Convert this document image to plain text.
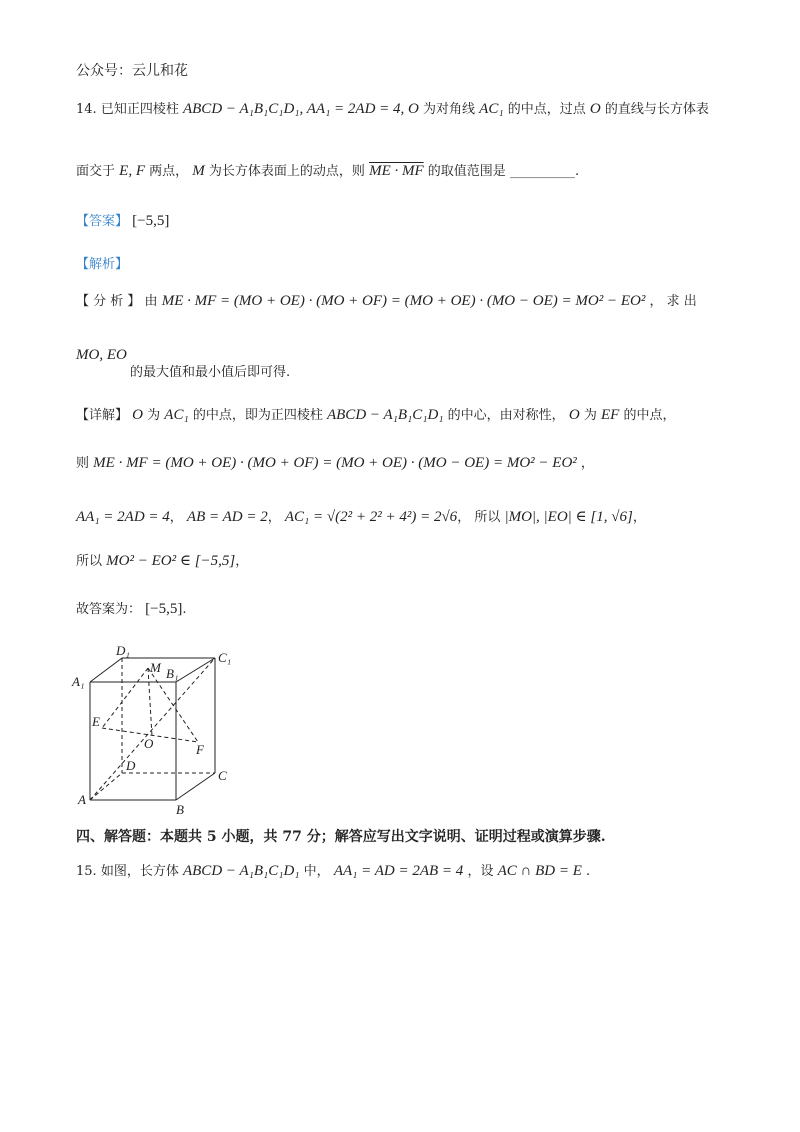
公众号：云儿和花
14. 已知正四棱柱 ABCD − A₁B₁C₁D₁, AA₁ = 2AD = 4, O 为对角线 AC₁ 的中点，过点 O 的直线与长方体表
面交于 E, F 两点， M 为长方体表面上的动点，则 ME · MF 的取值范围是 __________.
【答案】 [−5,5]
【解析】
【 分 析 】 由 ME · MF = (MO + OE) · (MO + OF) = (MO + OE) · (MO − OE) = MO² − EO² ， 求 出
MO, EO
的最大值和最小值后即可得.
【详解】 O 为 AC₁ 的中点，即为正四棱柱 ABCD − A₁B₁C₁D₁ 的中心，由对称性， O 为 EF 的中点，
则 ME · MF = (MO + OE) · (MO + OF) = (MO + OE) · (MO − OE) = MO² − EO² ，
AA₁ = 2AD = 4， AB = AD = 2， AC₁ = √(2² + 2² + 4²) = 2√6， 所以 |MO|, |EO| ∈ [1, √6]，
所以 MO² − EO² ∈ [−5,5]，
故答案为： [−5,5].
D₁
M B₁
C₁
A₁
E
O	F
D
C
A
B
四、解答题：本题共 5 小题，共 77 分；解答应写出文字说明、证明过程或演算步骤.
15. 如图，长方体 ABCD − A₁B₁C₁D₁ 中， AA₁ = AD = 2AB = 4 ，设 AC ∩ BD = E .
